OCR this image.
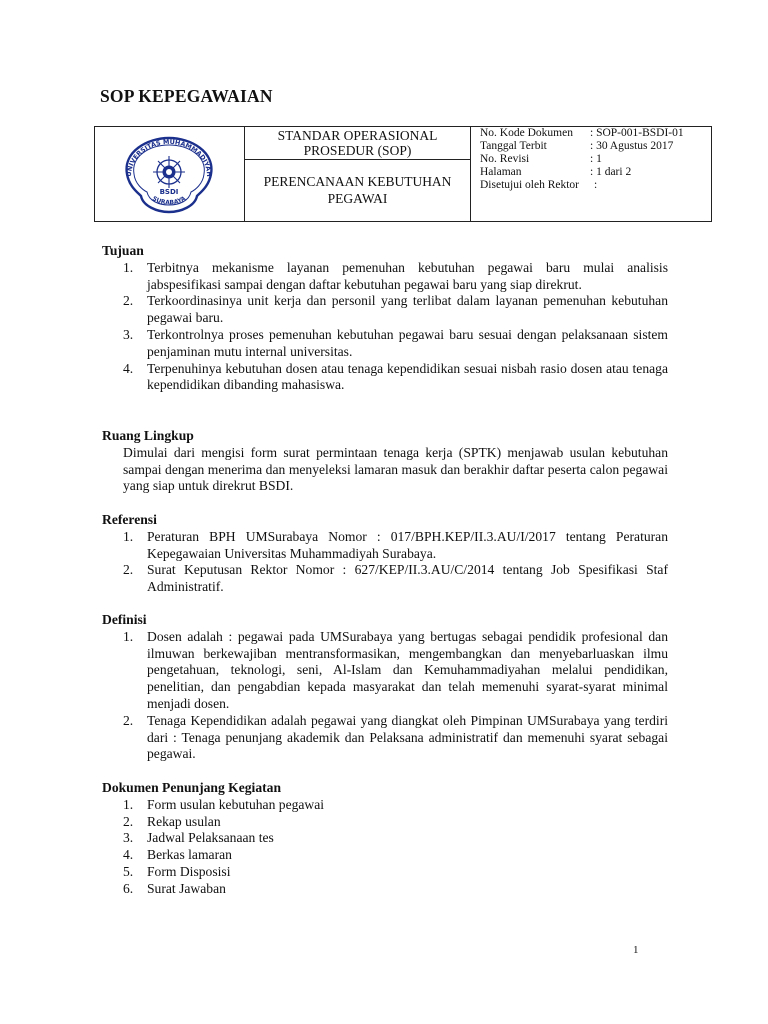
SOP KEPEGAWAIAN
UNIVERSITAS MUHAMMADIYAH
BSDI
SURABAYA
STANDAR OPERASIONAL
PROSEDUR (SOP)
PERENCANAAN KEBUTUHAN
PEGAWAI
No. Kode Dokumen : SOP-001-BSDI-01
Tanggal Terbit	: 30 Agustus 2017
No. Revisi	: 1
Halaman	: 1 dari 2
Disetujui oleh Rektor :
Tujuan
1. Terbitnya mekanisme layanan pemenuhan kebutuhan pegawai baru mulai analisis jabspesifikasi sampai dengan daftar kebutuhan pegawai baru yang siap direkrut.
2. Terkoordinasinya unit kerja dan personil yang terlibat dalam layanan pemenuhan kebutuhan pegawai baru.
3. Terkontrolnya proses pemenuhan kebutuhan pegawai baru sesuai dengan pelaksanaan sistem penjaminan mutu internal universitas.
4. Terpenuhinya kebutuhan dosen atau tenaga kependidikan sesuai nisbah rasio dosen atau tenaga kependidikan dibanding mahasiswa.
Ruang Lingkup
Dimulai dari mengisi form surat permintaan tenaga kerja (SPTK) menjawab usulan kebutuhan sampai dengan menerima dan menyeleksi lamaran masuk dan berakhir daftar peserta calon pegawai yang siap untuk direkrut BSDI.
Referensi
1. Peraturan BPH UMSurabaya Nomor : 017/BPH.KEP/II.3.AU/I/2017 tentang Peraturan Kepegawaian Universitas Muhammadiyah Surabaya.
2. Surat Keputusan Rektor Nomor : 627/KEP/II.3.AU/C/2014 tentang Job Spesifikasi Staf Administratif.
Definisi
1. Dosen adalah : pegawai pada UMSurabaya yang bertugas sebagai pendidik profesional dan ilmuwan berkewajiban mentransformasikan, mengembangkan dan menyebarluaskan ilmu pengetahuan, teknologi, seni, Al-Islam dan Kemuhammadiyahan melalui pendidikan, penelitian, dan pengabdian kepada masyarakat dan telah memenuhi syarat-syarat minimal menjadi dosen.
2. Tenaga Kependidikan adalah pegawai yang diangkat oleh Pimpinan UMSurabaya yang terdiri dari : Tenaga penunjang akademik dan Pelaksana administratif dan memenuhi syarat sebagai pegawai.
Dokumen Penunjang Kegiatan
1. Form usulan kebutuhan pegawai
2. Rekap usulan
3. Jadwal Pelaksanaan tes
4. Berkas lamaran
5. Form Disposisi
6. Surat Jawaban
1
